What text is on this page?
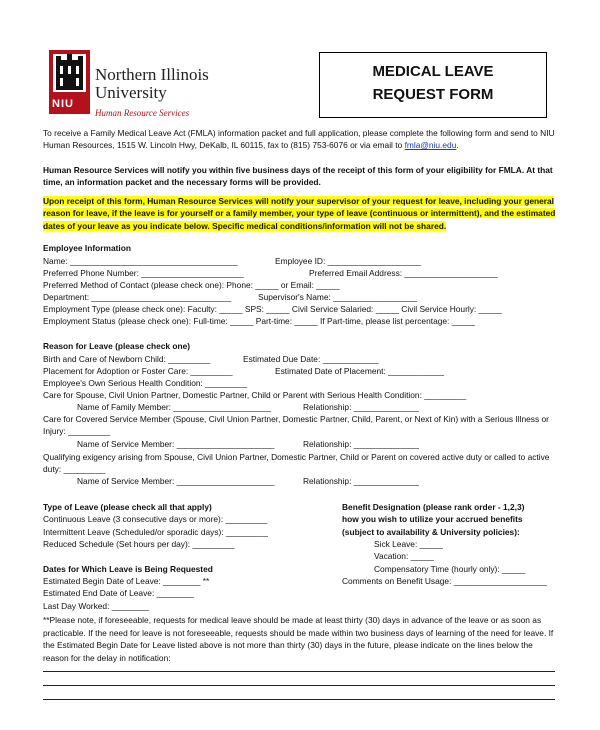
NIU
Northern Illinois
University
Human Resource Services
MEDICAL LEAVE
REQUEST FORM
To receive a Family Medical Leave Act (FMLA) information packet and full application, please complete the following form and send to NIU Human Resources, 1515 W. Lincoln Hwy, DeKalb, IL 60115, fax to (815) 753-6076 or via email to fmla@niu.edu.
Human Resource Services will notify you within five business days of the receipt of this form of your eligibility for FMLA. At that time, an information packet and the necessary forms will be provided.
Upon receipt of this form, Human Resource Services will notify your supervisor of your request for leave, including your general reason for leave, if the leave is for yourself or a family member, your type of leave (continuous or intermittent), and the estimated dates of your leave as you indicate below. Specific medical conditions/information will not be shared.
Employee Information
Name: ____________________________________	Employee ID: ____________________
Preferred Phone Number: ______________________	Preferred Email Address: ____________________
Preferred Method of Contact (please check one): Phone: _____ or Email: _____
Department: ______________________________	Supervisor's Name: __________________
Employment Type (please check one): Faculty: _____ SPS: _____ Civil Service Salaried: _____ Civil Service Hourly: _____
Employment Status (please check one): Full-time: _____ Part-time: _____ If Part-time, please list percentage: _____
Reason for Leave (please check one)
Birth and Care of Newborn Child: _________	Estimated Due Date: ____________
Placement for Adoption or Foster Care: _________	Estimated Date of Placement: ____________
Employee's Own Serious Health Condition: _________
Care for Spouse, Civil Union Partner, Domestic Partner, Child or Parent with Serious Health Condition: _________
Name of Family Member: _____________________	Relationship: ______________
Care for Covered Service Member (Spouse, Civil Union Partner, Domestic Partner, Child, Parent, or Next of Kin) with a Serious Illness or
Injury: _________
Name of Service Member: _____________________	Relationship: ______________
Qualifying exigency arising from Spouse, Civil Union Partner, Domestic Partner, Child or Parent on covered active duty or called to active
duty: _________
Name of Service Member: _____________________	Relationship: ______________
Type of Leave (please check all that apply)
Continuous Leave (3 consecutive days or more): _________
Intermittent Leave (Scheduled/or sporadic days): _________
Reduced Schedule (Set hours per day): _________
Benefit Designation (please rank order - 1,2,3)
how you wish to utilize your accrued benefits
(subject to availability & University policies):
Sick Leave: _____
Vacation: _____
Compensatory Time (hourly only): _____
Comments on Benefit Usage: ____________________
Dates for Which Leave is Being Requested
Estimated Begin Date of Leave: ________ **
Estimated End Date of Leave: ________
Last Day Worked: ________
**Please note, if foreseeable, requests for medical leave should be made at least thirty (30) days in advance of the leave or as soon as practicable. If the need for leave is not foreseeable, requests should be made within two business days of learning of the need for leave. If the Estimated Begin Date for Leave listed above is not more than thirty (30) days in the future, please indicate on the lines below the reason for the delay in notification:
